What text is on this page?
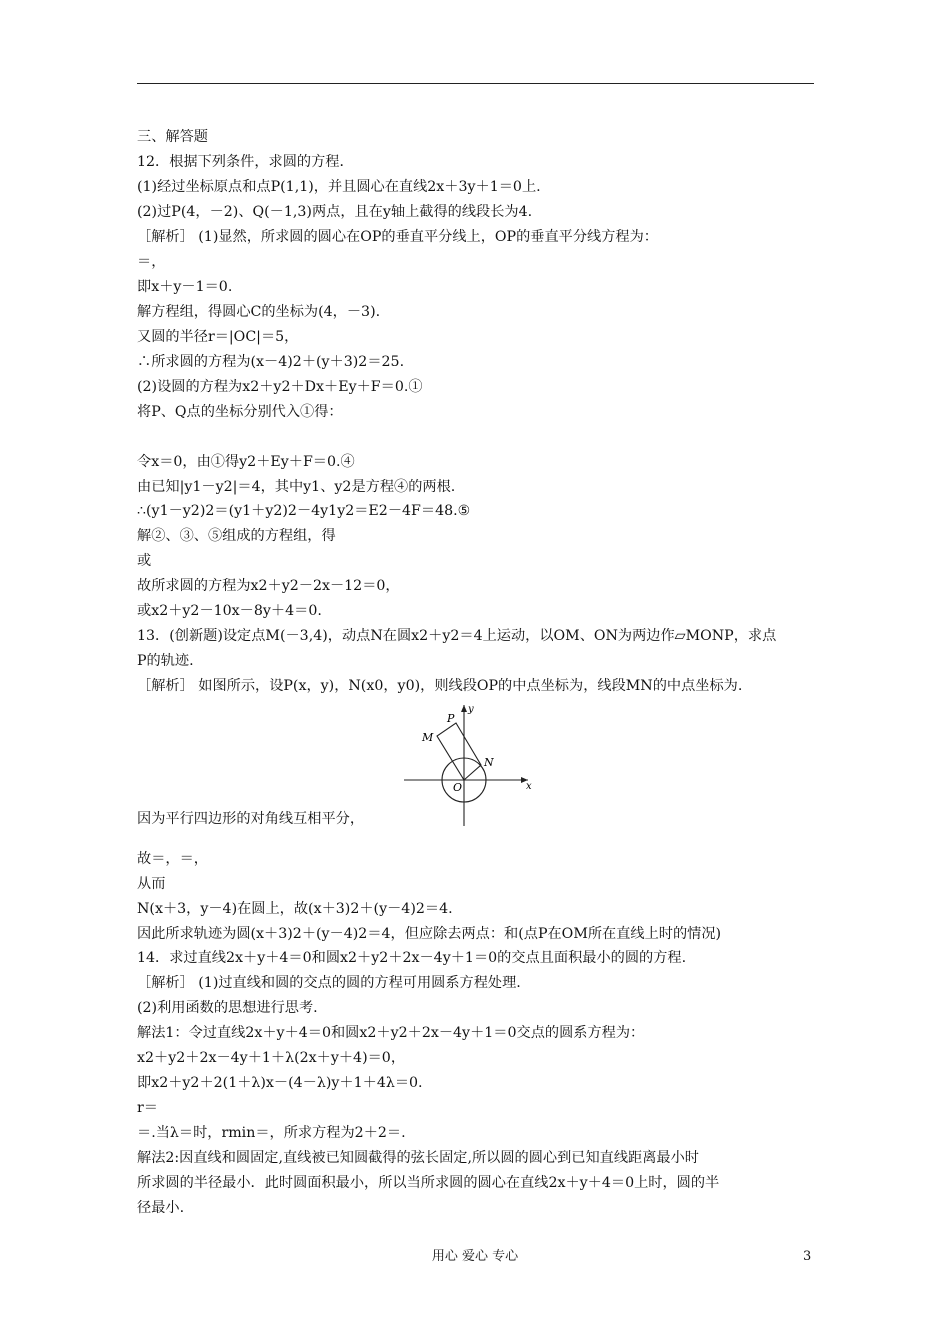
三、解答题
12．根据下列条件，求圆的方程．
(1)经过坐标原点和点P(1,1)，并且圆心在直线2x＋3y＋1＝0上.
(2)过P(4，－2)、Q(－1,3)两点，且在y轴上截得的线段长为4.
［解析］ (1)显然，所求圆的圆心在OP的垂直平分线上，OP的垂直平分线方程为：
＝，
即x＋y－1＝0.
解方程组，得圆心C的坐标为(4，－3).
又圆的半径r＝|OC|＝5，
∴所求圆的方程为(x－4)2＋(y＋3)2＝25.
(2)设圆的方程为x2＋y2＋Dx＋Ey＋F＝0.①
将P、Q点的坐标分别代入①得：
令x＝0，由①得y2＋Ey＋F＝0.④
由已知|y1－y2|＝4，其中y1、y2是方程④的两根.
∴(y1－y2)2＝(y1＋y2)2－4y1y2＝E2－4F＝48.⑤
解②、③、⑤组成的方程组，得
或
故所求圆的方程为x2＋y2－2x－12＝0，
或x2＋y2－10x－8y＋4＝0.
13．(创新题)设定点M(－3,4)，动点N在圆x2＋y2＝4上运动，以OM、ON为两边作▱MONP，求点
P的轨迹.
［解析］ 如图所示，设P(x，y)，N(x0，y0)，则线段OP的中点坐标为，线段MN的中点坐标为.
P
M
N
O	x
y
因为平行四边形的对角线互相平分，
故＝，＝，
从而
N(x＋3，y－4)在圆上，故(x＋3)2＋(y－4)2＝4.
因此所求轨迹为圆(x＋3)2＋(y－4)2＝4，但应除去两点：和(点P在OM所在直线上时的情况)
14．求过直线2x＋y＋4＝0和圆x2＋y2＋2x－4y＋1＝0的交点且面积最小的圆的方程.
［解析］ (1)过直线和圆的交点的圆的方程可用圆系方程处理.
(2)利用函数的思想进行思考.
解法1：令过直线2x＋y＋4＝0和圆x2＋y2＋2x－4y＋1＝0交点的圆系方程为：
x2＋y2＋2x－4y＋1＋λ(2x＋y＋4)＝0，
即x2＋y2＋2(1＋λ)x－(4－λ)y＋1＋4λ＝0.
r＝
＝.当λ＝时，rmin＝，所求方程为2＋2＝.
解法2:因直线和圆固定,直线被已知圆截得的弦长固定,所以圆的圆心到已知直线距离最小时
所求圆的半径最小．此时圆面积最小，所以当所求圆的圆心在直线2x＋y＋4＝0上时，圆的半
径最小.
用心 爱心 专心	3
